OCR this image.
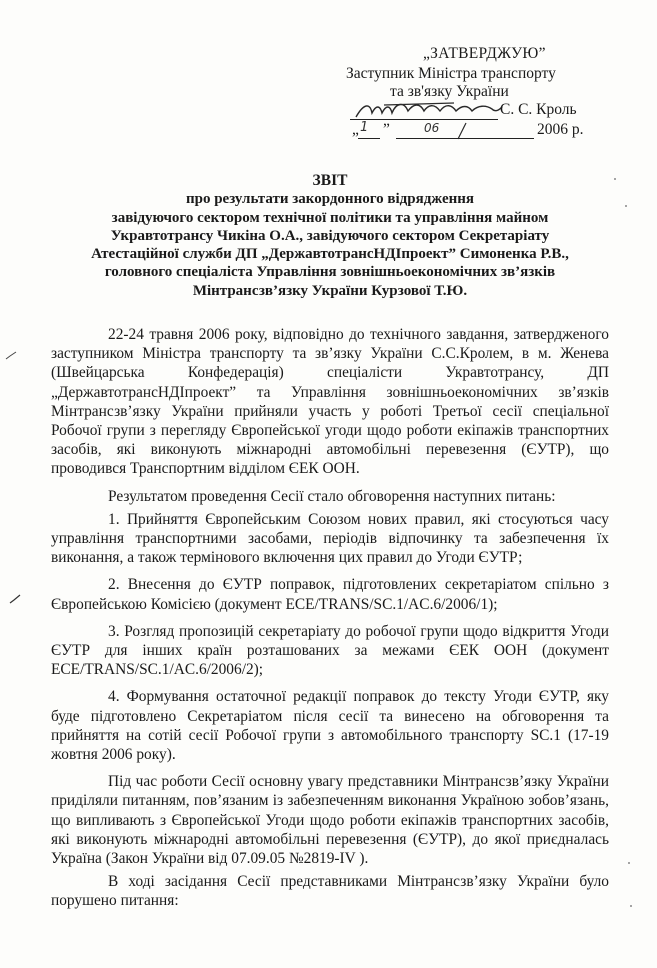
„ЗАТВЕРДЖУЮ”
Заступник Міністра транспорту
та зв'язку України
С. С. Кроль
„ 1 ”	06	2006 р.
ЗВІТ
про результати закордонного відрядження
завідуючого сектором технічної політики та управління майном
Укравтотрансу Чикіна О.А., завідуючого сектором Секретаріату
Атестаційної служби ДП „ДержавтотрансНДІпроект” Симоненка Р.В.,
головного спеціаліста Управління зовнішньоекономічних зв’язків
Мінтрансзв’язку України Курзової Т.Ю.

22-24 травня 2006 року, відповідно до технічного завдання, затвердженого заступником Міністра транспорту та зв’язку України С.С.Кролем, в м. Женева (Швейцарська Конфедерація) спеціалісти Укравтотрансу, ДП „ДержавтотрансНДІпроект” та Управління зовнішньоекономічних зв’язків Мінтрансзв’язку України прийняли участь у роботі Третьої сесії спеціальної Робочої групи з перегляду Європейської угоди щодо роботи екіпажів транспортних засобів, які виконують міжнародні автомобільні перевезення (ЄУТР), що проводився Транспортним відділом ЄЕК ООН.

Результатом проведення Сесії стало обговорення наступних питань:

1. Прийняття Європейським Союзом нових правил, які стосуються часу управління транспортними засобами, періодів відпочинку та забезпечення їх виконання, а також термінового включення цих правил до Угоди ЄУТР;

2. Внесення до ЄУТР поправок, підготовлених секретаріатом спільно з Європейською Комісією (документ ECE/TRANS/SC.1/AC.6/2006/1);

3. Розгляд пропозицій секретаріату до робочої групи щодо відкриття Угоди ЄУТР для інших країн розташованих за межами ЄЕК ООН (документ ECE/TRANS/SC.1/AC.6/2006/2);

4. Формування остаточної редакції поправок до тексту Угоди ЄУТР, яку буде підготовлено Секретаріатом після сесії та винесено на обговорення та прийняття на сотій сесії Робочої групи з автомобільного транспорту SC.1 (17-19 жовтня 2006 року).

Під час роботи Сесії основну увагу представники Мінтрансзв’язку України приділяли питанням, пов’язаним із забезпеченням виконання Україною зобов’язань, що випливають з Європейської Угоди щодо роботи екіпажів транспортних засобів, які виконують міжнародні автомобільні перевезення (ЄУТР), до якої приєдналась Україна (Закон України від 07.09.05 №2819-IV ).

В ході засідання Сесії представниками Мінтрансзв’язку України було порушено питання:
